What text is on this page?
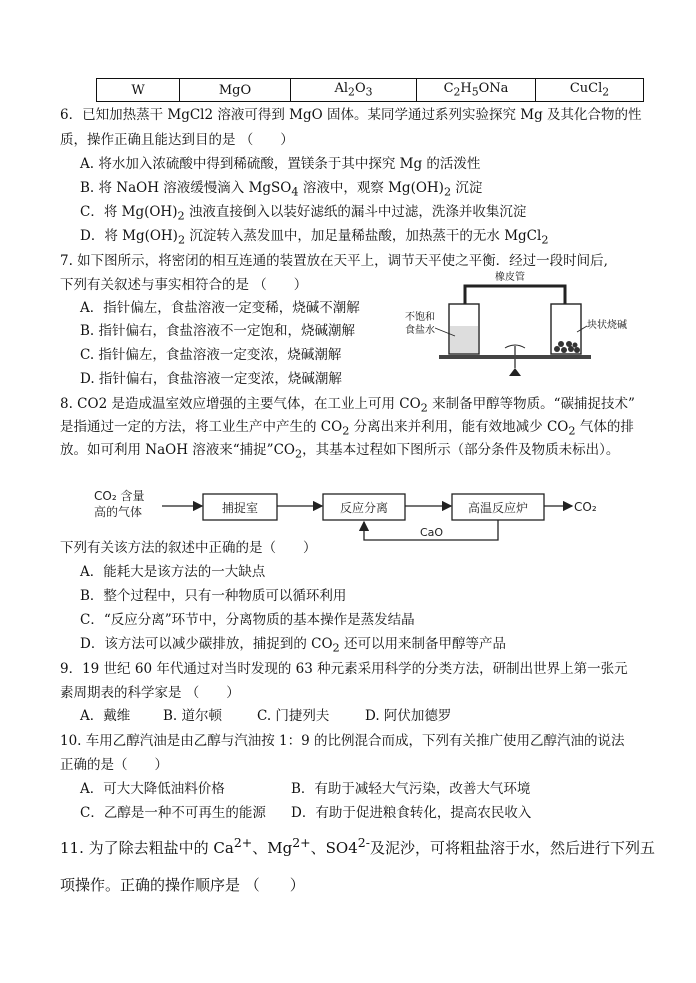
W	MgO	$Al_2O_3$	$C_2H_5ONa$	CuCl$_2$
6．已知加热蒸干 MgCl2 溶液可得到 MgO 固体。某同学通过系列实验探究 Mg 及其化合物的性
质，操作正确且能达到目的是 （　　）
A. 将水加入浓硫酸中得到稀硫酸，置镁条于其中探究 Mg 的活泼性
B. 将 NaOH 溶液缓慢滴入 MgSO$_4$ 溶液中，观察 $Mg(OH)_2$ 沉淀
C．将 $Mg(OH)_2$ 浊液直接倒入以装好滤纸的漏斗中过滤，洗涤并收集沉淀
D．将 $Mg(OH)_2$ 沉淀转入蒸发皿中，加足量稀盐酸，加热蒸干的无水 MgCl$_2$
7. 如下图所示，将密闭的相互连通的装置放在天平上，调节天平使之平衡．经过一段时间后,
下列有关叙述与事实相符合的是 （　　）
A．指针偏左，食盐溶液一定变稀，烧碱不潮解
B. 指针偏右，食盐溶液不一定饱和，烧碱潮解
C. 指针偏左，食盐溶液一定变浓，烧碱潮解
D. 指针偏右，食盐溶液一定变浓，烧碱潮解
橡皮管
不饱和
食盐水	块状烧碱
8. CO2 是造成温室效应增强的主要气体，在工业上可用 $CO_2$ 来制备甲醇等物质。“碳捕捉技术”
是指通过一定的方法，将工业生产中产生的 $CO_2$ 分离出来并利用，能有效地减少 $CO_2$ 气体的排
放。如可利用 NaOH 溶液来“捕捉$”CO_2$，其基本过程如下图所示（部分条件及物质未标出）。
CO₂ 含量
高的气体	捕捉室	反应分离	高温反应炉	CO₂
CaO
下列有关该方法的叙述中正确的是（　　）
A．能耗大是该方法的一大缺点
B．整个过程中，只有一种物质可以循环利用
C．“反应分离”环节中，分离物质的基本操作是蒸发结晶
D．该方法可以减少碳排放，捕捉到的 $CO_2$ 还可以用来制备甲醇等产品
9．19 世纪 60 年代通过对当时发现的 63 种元素采用科学的分类方法，研制出世界上第一张元
素周期表的科学家是 （　　）
A．戴维 B. 道尔顿	C. 门捷列夫	D. 阿伏加德罗
10. 车用乙醇汽油是由乙醇与汽油按 1：9 的比例混合而成，下列有关推广使用乙醇汽油的说法
正确的是（　　）
A．可大大降低油料价格	B．有助于减轻大气污染，改善大气环境
C．乙醇是一种不可再生的能源 D．有助于促进粮食转化，提高农民收入
11. 为了除去粗盐中的 $Ca^{2+}$、$Mg^{2+}$、$SO4^{2-}$及泥沙，可将粗盐溶于水，然后进行下列五
项操作。正确的操作顺序是 （　　）
